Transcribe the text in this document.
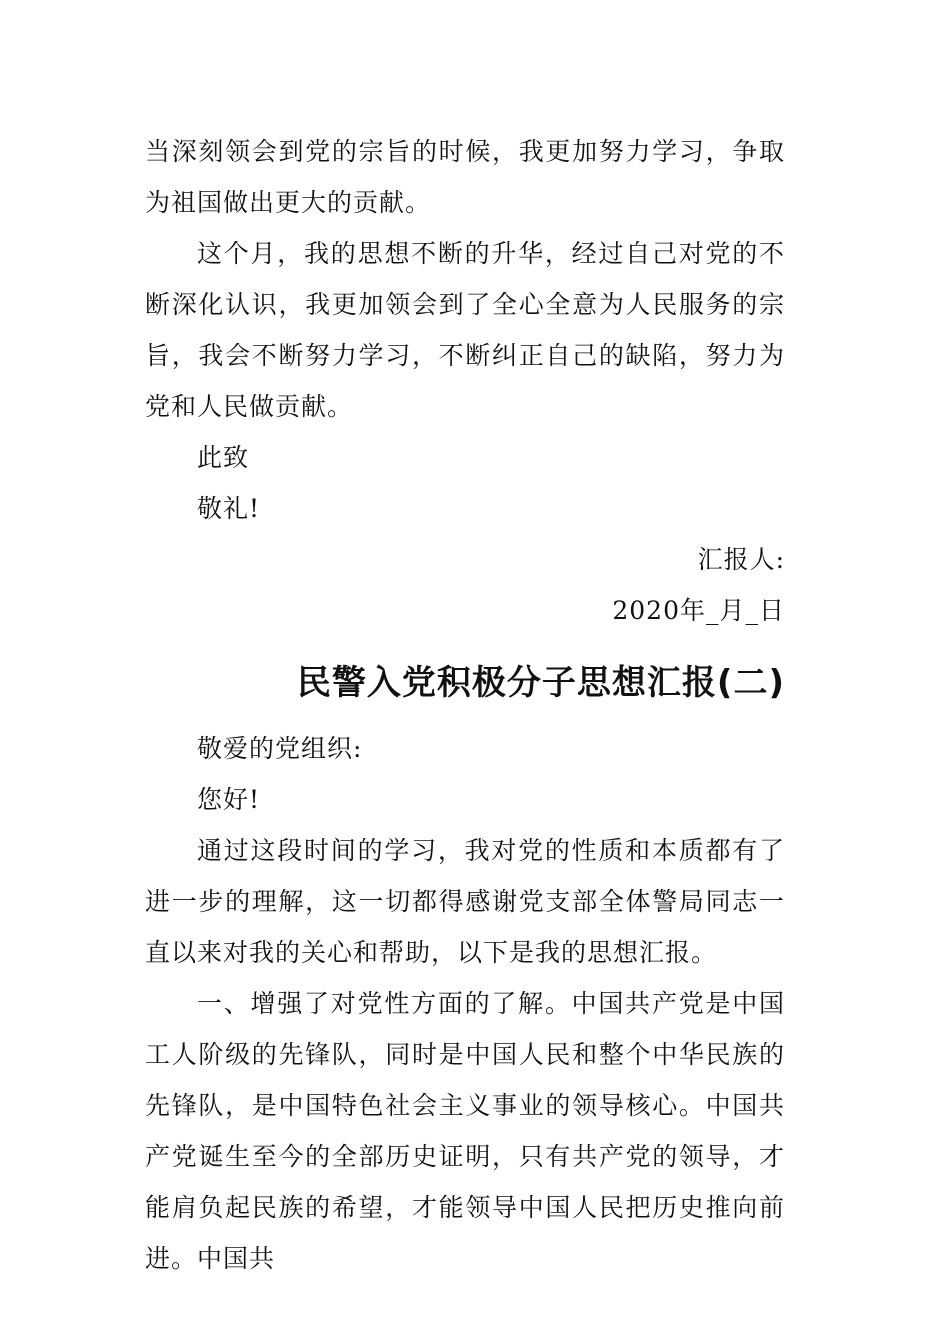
当深刻领会到党的宗旨的时候，我更加努力学习，争取为祖国做出更大的贡献。

这个月，我的思想不断的升华，经过自己对党的不断深化认识，我更加领会到了全心全意为人民服务的宗旨，我会不断努力学习，不断纠正自己的缺陷，努力为党和人民做贡献。

此致

敬礼!

汇报人:

2020年_月_日

民警入党积极分子思想汇报(二)

敬爱的党组织:

您好!

通过这段时间的学习，我对党的性质和本质都有了进一步的理解，这一切都得感谢党支部全体警局同志一直以来对我的关心和帮助，以下是我的思想汇报。

一、增强了对党性方面的了解。中国共产党是中国工人阶级的先锋队，同时是中国人民和整个中华民族的先锋队，是中国特色社会主义事业的领导核心。中国共产党诞生至今的全部历史证明，只有共产党的领导，才能肩负起民族的希望，才能领导中国人民把历史推向前进。中国共
